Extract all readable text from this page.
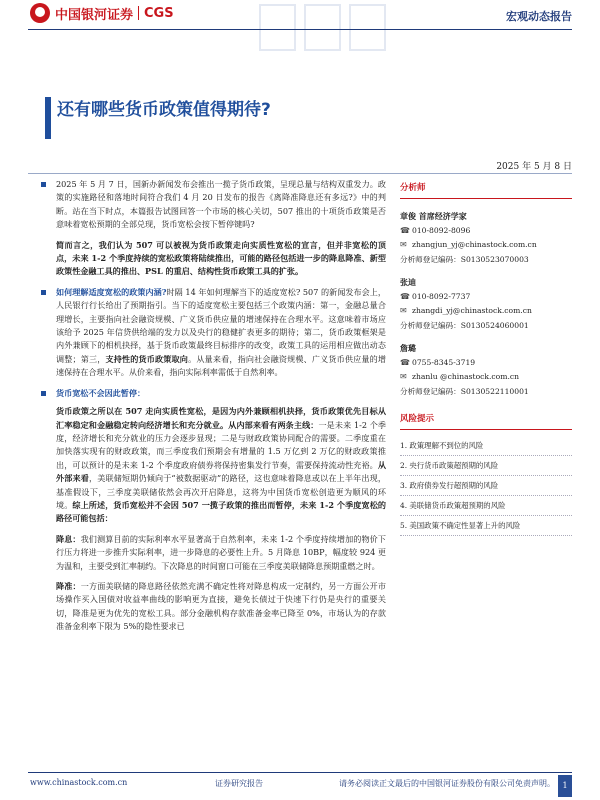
中国银河证券 CGS	宏观动态报告
还有哪些货币政策值得期待?
2025 年 5 月 8 日

2025 年 5 月 7 日，国新办新闻发布会推出一揽子货币政策，呈现总量与结构双重发力。政策的实施路径和落地时间符合我们 4 月 20 日发布的报告《离降准降息还有多远?》中的判断。站在当下时点，本篇报告试图回答一个市场的核心关切，507 推出的十项货币政策是否意味着宽松预期的全部兑现，货币宽松会按下暂停键吗?

简而言之，我们认为 507 可以被视为货币政策走向实质性宽松的宣言，但并非宽松的顶点，未来 1-2 个季度持续的宽松政策将陆续推出，可能的路径包括进一步的降息降准、新型政策性金融工具的推出、PSL 的重启、结构性货币政策工具的扩张。

如何理解适度宽松的政策内涵?时隔 14 年如何理解当下的适度宽松? 507 的新闻发布会上，人民银行行长给出了预期指引。当下的适度宽松主要包括三个政策内涵：第一，金融总量合理增长，主要指向社会融资规模、广义货币供应量的增速保持在合理水平。这意味着市场应该给予 2025 年信贷供给端的发力以及央行的稳健扩表更多的期待；第二，货币政策框架是内外兼顾下的相机抉择，基于货币政策最终目标排序的改变，政策工具的运用相应做出动态调整；第三，支持性的货币政策取向。从量来看，指向社会融资规模、广义货币供应量的增速保持在合理水平。从价来看，指向实际利率需低于自然利率。

货币宽松不会因此暂停：

货币政策之所以在 507 走向实质性宽松，是因为内外兼顾相机抉择，货币政策优先目标从汇率稳定和金融稳定转向经济增长和充分就业。从内部来看有两条主线：一是未来 1-2 个季度，经济增长和充分就业的压力会逐步显现；二是与财政政策协同配合的需要。二季度重在加快落实现有的财政政策，而三季度我们预期会有增量的 1.5 万亿到 2 万亿的财政政策推出，可以预计的是未来 1-2 个季度政府债券将保持密集发行节奏，需要保持流动性充裕。从外部来看，美联储短期仍倾向于“被数据驱动”的路径，这也意味着降息或以在上半年出现，基准假设下，三季度美联储依然会再次开启降息，这将为中国货币宽松创造更为顺风的环境。综上所述，货币宽松并不会因 507 一揽子政策的推出而暂停，未来 1-2 个季度宽松的路径可能包括：

降息：我们测算目前的实际利率水平显著高于自然利率，未来 1-2 个季度持续增加的物价下行压力将进一步推升实际利率，进一步降息的必要性上升。5 月降息 10BP，幅度较 924 更为温和，主要受到汇率制约。下次降息的时间窗口可能在三季度美联储降息预期重燃之时。

降准：一方面美联储的降息路径依然充满不确定性将对降息构成一定制约，另一方面公开市场操作买入国债对收益率曲线的影响更为直接，避免长债过于快速下行仍是央行的重要关切，降准是更为优先的宽松工具。部分金融机构存款准备金率已降至 0%，市场认为的存款准备金利率下限为 5%的隐性要求已

分析师
章俊 首席经济学家
☎ 010-8092-8096
✉ zhangjun_yj@chinastock.com.cn
分析师登记编码：S0130523070003
张迪
☎ 010-8092-7737
✉ zhangdi_yj@chinastock.com.cn
分析师登记编码：S0130524060001
詹璐
☎ 0755-8345-3719
✉ zhanlu @chinastock.com.cn
分析师登记编码：S0130522110001
风险提示
1. 政策理解不到位的风险
2. 央行货币政策超预期的风险
3. 政府债券发行超预期的风险
4. 美联储货币政策超预期的风险
5. 美国政策不确定性显著上升的风险
www.chinastock.com.cn	证券研究报告	请务必阅读正文最后的中国银河证券股份有限公司免责声明。 1
